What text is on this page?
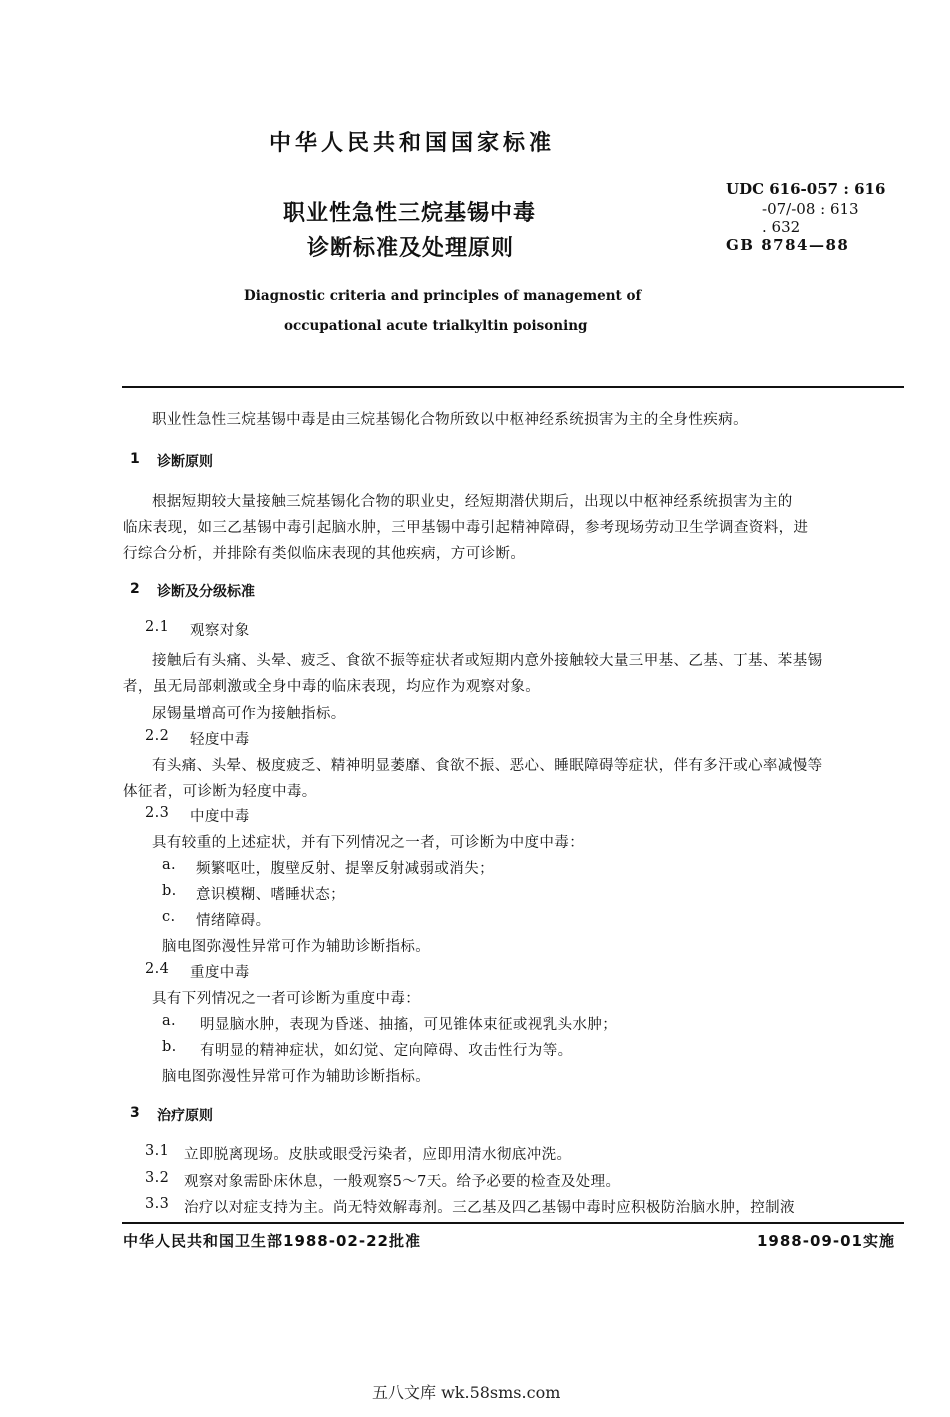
中华人民共和国国家标准
职业性急性三烷基锡中毒
诊断标准及处理原则
UDC 616-057 : 616
-07/-08 : 613
. 632
GB 8784—88
Diagnostic criteria and principles of management of
occupational acute trialkyltin poisoning
职业性急性三烷基锡中毒是由三烷基锡化合物所致以中枢神经系统损害为主的全身性疾病。
1 诊断原则
根据短期较大量接触三烷基锡化合物的职业史，经短期潜伏期后，出现以中枢神经系统损害为主的
临床表现，如三乙基锡中毒引起脑水肿，三甲基锡中毒引起精神障碍，参考现场劳动卫生学调查资料，进
行综合分析，并排除有类似临床表现的其他疾病，方可诊断。
2 诊断及分级标准
2.1 观察对象
接触后有头痛、头晕、疲乏、食欲不振等症状者或短期内意外接触较大量三甲基、乙基、丁基、苯基锡
者，虽无局部刺激或全身中毒的临床表现，均应作为观察对象。
尿锡量增高可作为接触指标。
2.2 轻度中毒
有头痛、头晕、极度疲乏、精神明显萎靡、食欲不振、恶心、睡眠障碍等症状，伴有多汗或心率减慢等
体征者，可诊断为轻度中毒。
2.3 中度中毒
具有较重的上述症状，并有下列情况之一者，可诊断为中度中毒：
a. 频繁呕吐，腹壁反射、提睾反射减弱或消失；
b. 意识模糊、嗜睡状态；
c. 情绪障碍。
脑电图弥漫性异常可作为辅助诊断指标。
2.4 重度中毒
具有下列情况之一者可诊断为重度中毒：
a. 明显脑水肿，表现为昏迷、抽搐，可见锥体束征或视乳头水肿；
b. 有明显的精神症状，如幻觉、定向障碍、攻击性行为等。
脑电图弥漫性异常可作为辅助诊断指标。
3 治疗原则
3.1 立即脱离现场。皮肤或眼受污染者，应即用清水彻底冲洗。
3.2 观察对象需卧床休息，一般观察5～7天。给予必要的检查及处理。
3.3 治疗以对症支持为主。尚无特效解毒剂。三乙基及四乙基锡中毒时应积极防治脑水肿，控制液
中华人民共和国卫生部1988-02-22批准	1988-09-01实施
五八文库 wk.58sms.com
